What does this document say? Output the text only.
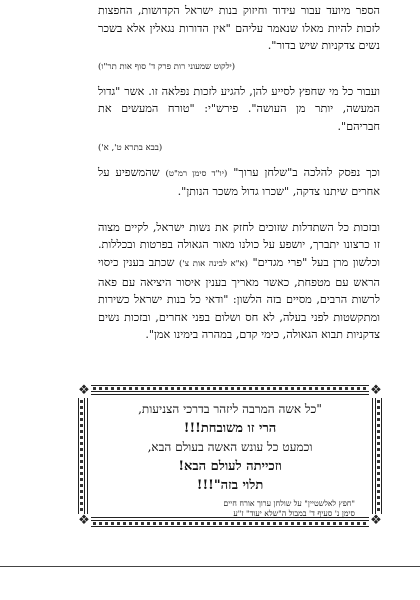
הספר מיועד עבור עידוד וחיזוק בנות ישראל הקדושות, החפצות לזכות להיות מאלו שנאמר עליהם "אין הדורות נגאלין אלא בשכר נשים צדקניות שיש בדור".

(ילקוט שמעוני רות פרק ד' סוף אות תר"ו)

ועבור כל מי שחפץ לסייע להן, להגיע לזכות נפלאה זו. אשר "גדול המעשה, יותר מן העושה". פירש"י: "טורח המעשים את חבריהם".

(בבא בתרא ט', א')

וכך נפסק להלכה ב"שלחן ערוך" (יו"ד סימן רמ"ט) שהמשפיע על אחרים שיתנו צדקה, "שכרו גדול משכר הנותן".

ובזכות כל השתדלות שזוכים לחזק את נשות ישראל, לקיים מצוה זו כרצונו יתברך, יושפע על כולנו מאור הגאולה בפרטות ובכללות. וכלשון מרן בעל "פרי מגדים" (א"א לבינה אות צ') שכתב בענין כיסוי הראש עם מטפחת, כאשר מאריך בענין איסור היציאה עם פאה לרשות הרבים, מסיים בזה הלשון: "ודאי כל בנות ישראל כשירות ומתקשטות לפני בעלה, לא חס ושלום בפני אחרים, ובזכות נשים צדקניות תבוא הגאולה, כימי קדם, במהרה בימינו אמן".

❖	❖
❖	❖
"כל אשה המרבה ליזהר בדרכי הצניעות,
הרי זו משובחת!!!
וכמעט כל עונש האשה בעולם הבא,
וזכייתה לעולם הבא!
תלוי בזה"!!!
"חפץ לאלשטיין" על שולחן ערוך אורח חיים
סימן נ' סעיף ד' במבול ה"שלא יעוד" ז"ע
